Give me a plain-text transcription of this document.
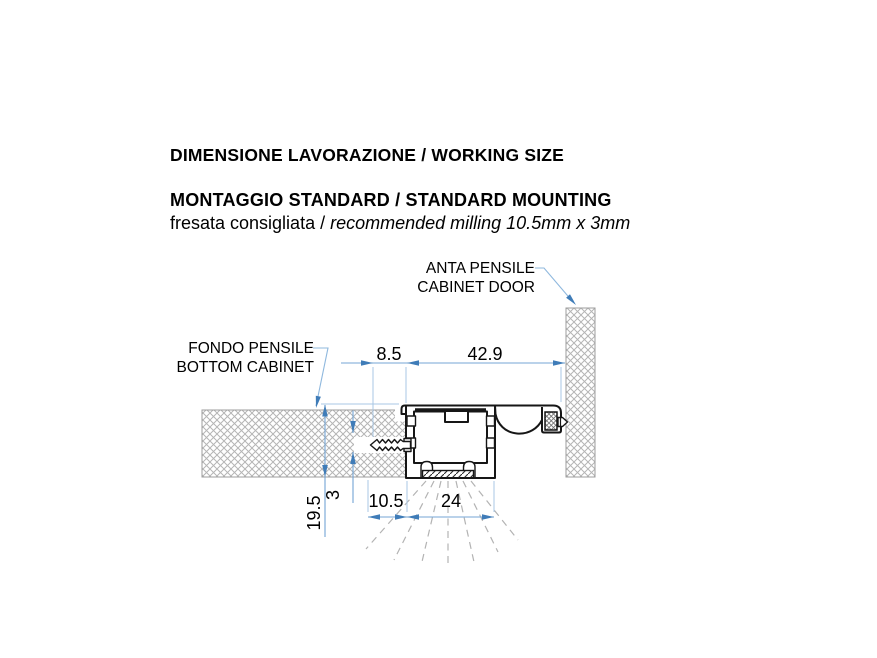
DIMENSIONE LAVORAZIONE / WORKING SIZE
MONTAGGIO STANDARD / STANDARD MOUNTING
fresata consigliata / recommended milling 10.5mm x 3mm
ANTA PENSILE
CABINET DOOR
FONDO PENSILE
BOTTOM CABINET
8.5	42.9
10.5	24
19.5
3
